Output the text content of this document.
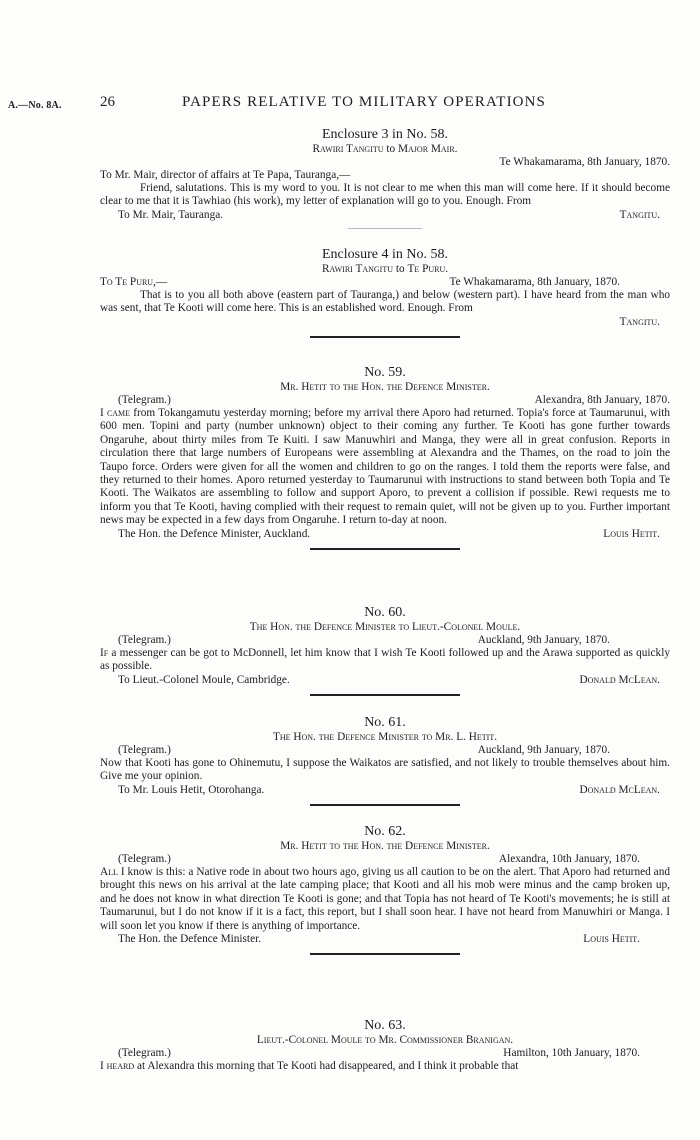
A.—No. 8A.	26	PAPERS RELATIVE TO MILITARY OPERATIONS

Enclosure 3 in No. 58.

Rawiri Tangitu to Major Mair.

Te Whakamarama, 8th January, 1870.

To Mr. Mair, director of affairs at Te Papa, Tauranga,—

Friend, salutations. This is my word to you. It is not clear to me when this man will come here. If it should become clear to me that it is Tawhiao (his work), my letter of explanation will go to you. Enough. From

To Mr. Mair, Tauranga.	Tangitu.

Enclosure 4 in No. 58.

Rawiri Tangitu to Te Puru.

To Te Puru,—	Te Whakamarama, 8th January, 1870.

That is to you all both above (eastern part of Tauranga,) and below (western part). I have heard from the man who was sent, that Te Kooti will come here. This is an established word. Enough. From

Tangitu.

No. 59.

Mr. Hetit to the Hon. the Defence Minister.

(Telegram.)	Alexandra, 8th January, 1870.

I came from Tokangamutu yesterday morning; before my arrival there Aporo had returned. Topia's force at Taumarunui, with 600 men. Topini and party (number unknown) object to their coming any further. Te Kooti has gone further towards Ongaruhe, about thirty miles from Te Kuiti. I saw Manuwhiri and Manga, they were all in great confusion. Reports in circulation there that large numbers of Europeans were assembling at Alexandra and the Thames, on the road to join the Taupo force. Orders were given for all the women and children to go on the ranges. I told them the reports were false, and they returned to their homes. Aporo returned yesterday to Taumarunui with instructions to stand between both Topia and Te Kooti. The Waikatos are assembling to follow and support Aporo, to prevent a collision if possible. Rewi requests me to inform you that Te Kooti, having complied with their request to remain quiet, will not be given up to you. Further important news may be expected in a few days from Ongaruhe. I return to-day at noon.

The Hon. the Defence Minister, Auckland.	Louis Hetit.

No. 60.

The Hon. the Defence Minister to Lieut.-Colonel Moule.

(Telegram.)	Auckland, 9th January, 1870.

If a messenger can be got to McDonnell, let him know that I wish Te Kooti followed up and the Arawa supported as quickly as possible.

To Lieut.-Colonel Moule, Cambridge.	Donald McLean.

No. 61.

The Hon. the Defence Minister to Mr. L. Hetit.

(Telegram.)	Auckland, 9th January, 1870.

Now that Kooti has gone to Ohinemutu, I suppose the Waikatos are satisfied, and not likely to trouble themselves about him. Give me your opinion.

To Mr. Louis Hetit, Otorohanga.	Donald McLean.

No. 62.

Mr. Hetit to the Hon. the Defence Minister.

(Telegram.)	Alexandra, 10th January, 1870.

All I know is this: a Native rode in about two hours ago, giving us all caution to be on the alert. That Aporo had returned and brought this news on his arrival at the late camping place; that Kooti and all his mob were minus and the camp broken up, and he does not know in what direction Te Kooti is gone; and that Topia has not heard of Te Kooti's movements; he is still at Taumarunui, but I do not know if it is a fact, this report, but I shall soon hear. I have not heard from Manuwhiri or Manga. I will soon let you know if there is anything of importance.

The Hon. the Defence Minister.	Louis Hetit.

No. 63.

Lieut.-Colonel Moule to Mr. Commissioner Branigan.

(Telegram.)	Hamilton, 10th January, 1870.

I heard at Alexandra this morning that Te Kooti had disappeared, and I think it probable that
